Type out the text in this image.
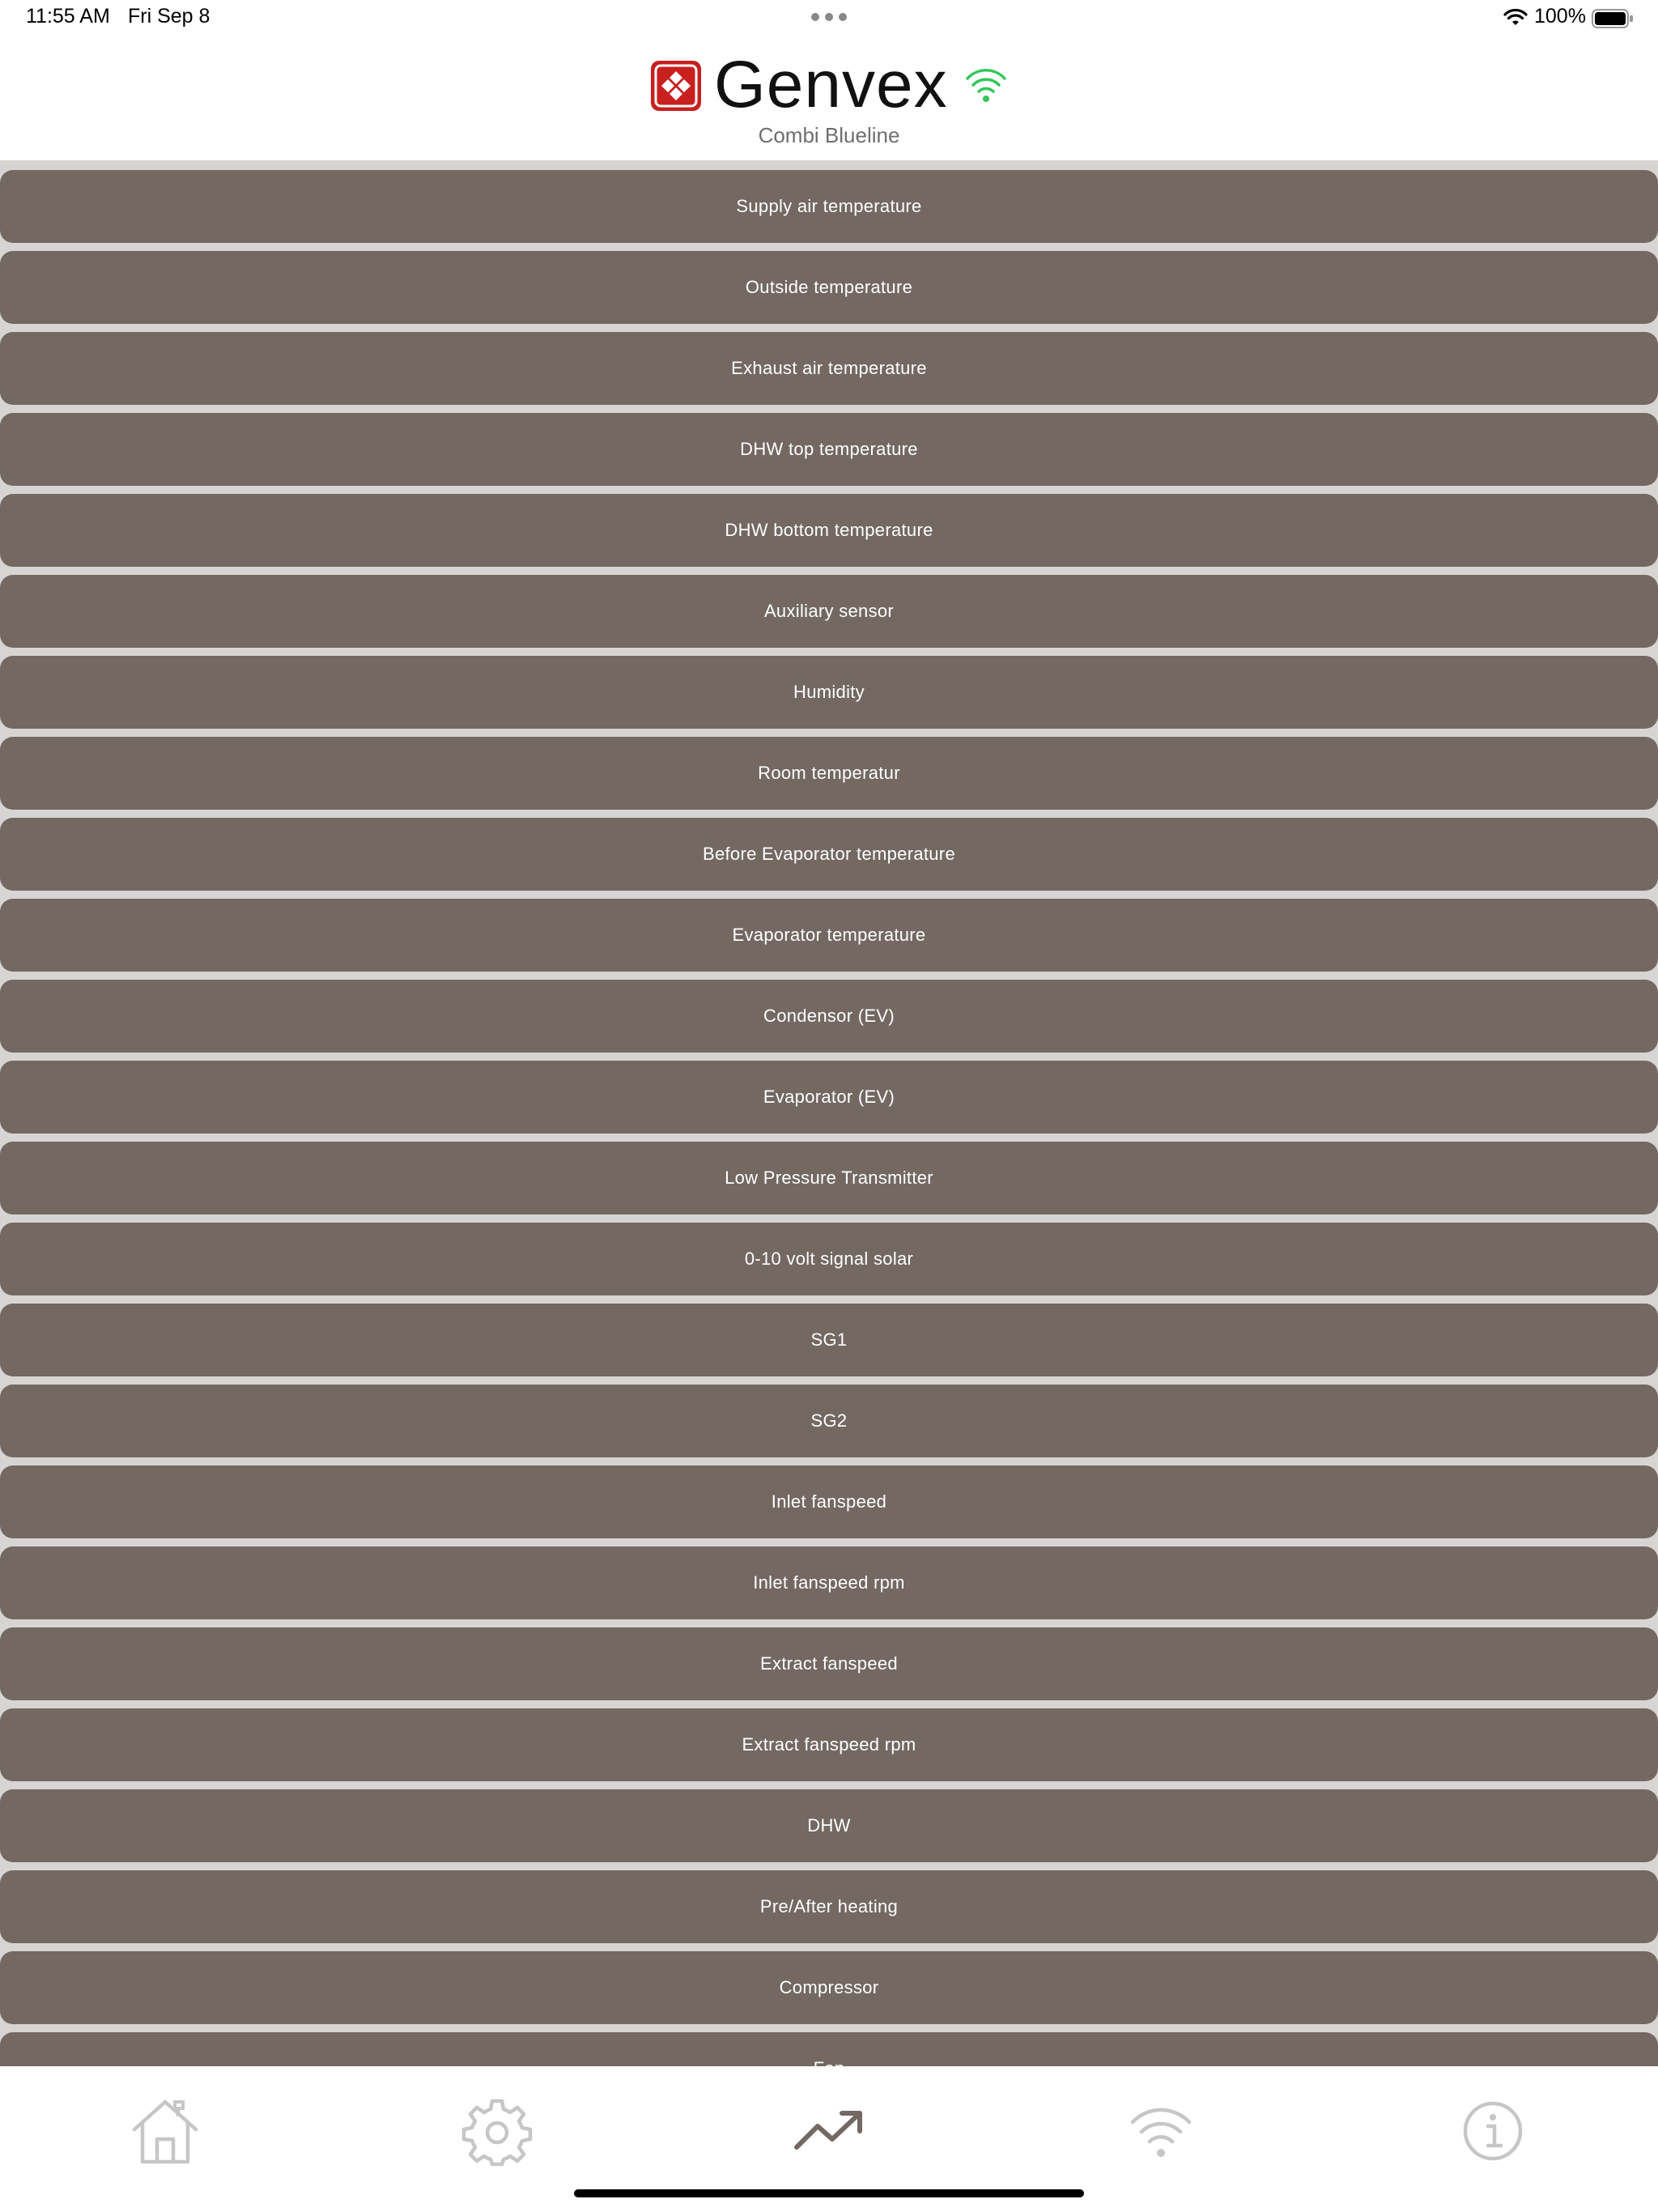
11:55 AM Fri Sep 8	100%
Genvex
Combi Blueline
Supply air temperature
Outside temperature
Exhaust air temperature
DHW top temperature
DHW bottom temperature
Auxiliary sensor
Humidity
Room temperatur
Before Evaporator temperature
Evaporator temperature
Condensor (EV)
Evaporator (EV)
Low Pressure Transmitter
0-10 volt signal solar
SG1
SG2
Inlet fanspeed
Inlet fanspeed rpm
Extract fanspeed
Extract fanspeed rpm
DHW
Pre/After heating
Compressor
